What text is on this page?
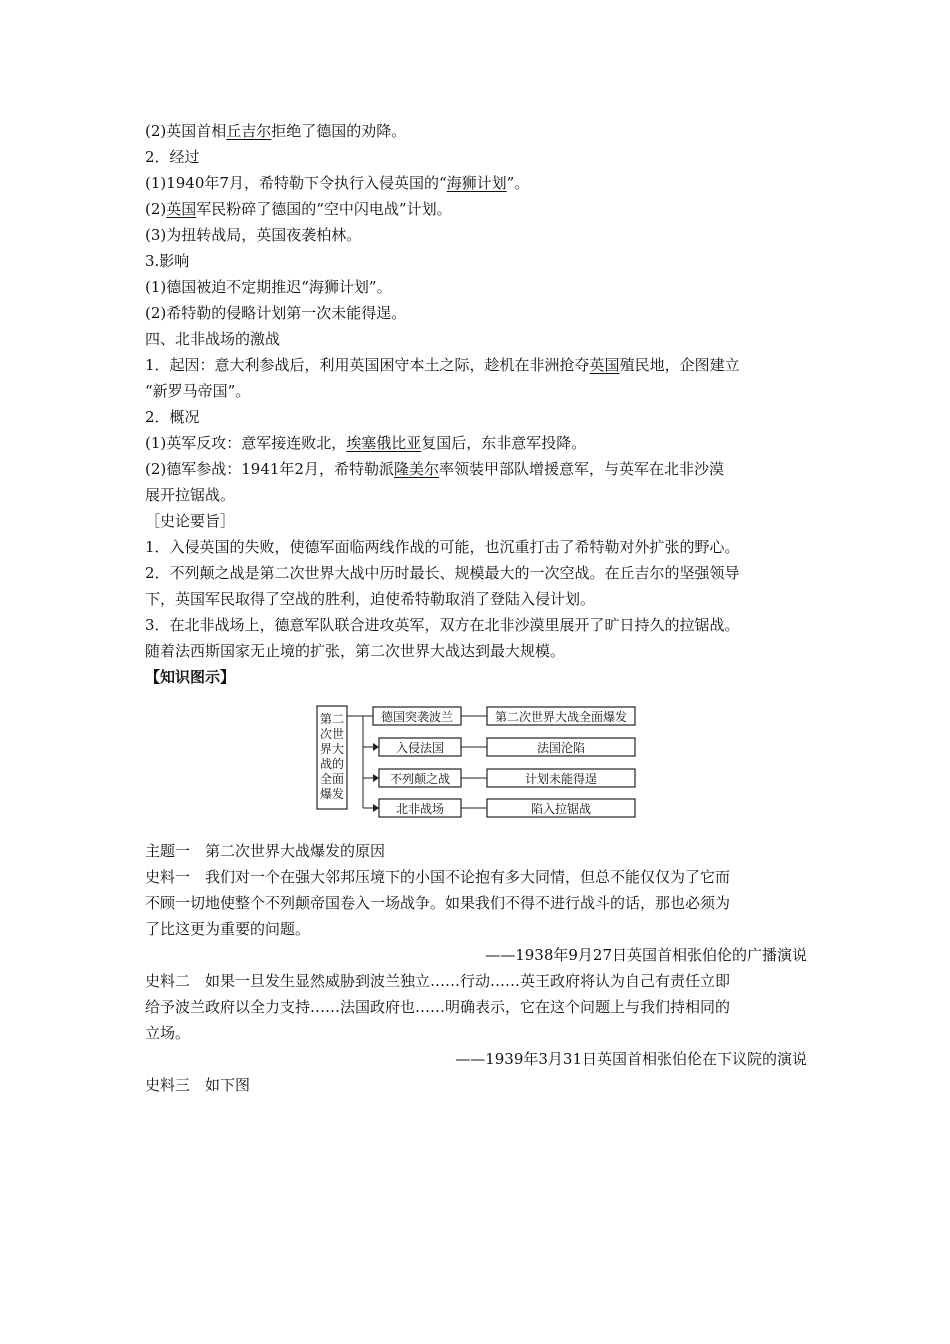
(2)英国首相丘吉尔拒绝了德国的劝降。
2．经过
(1)1940年7月，希特勒下令执行入侵英国的“海狮计划”。
(2)英国军民粉碎了德国的“空中闪电战”计划。
(3)为扭转战局，英国夜袭柏林。
3.影响
(1)德国被迫不定期推迟“海狮计划”。
(2)希特勒的侵略计划第一次未能得逞。
四、北非战场的激战
1．起因：意大利参战后，利用英国困守本土之际，趁机在非洲抢夺英国殖民地，企图建立
“新罗马帝国”。
2．概况
(1)英军反攻：意军接连败北，埃塞俄比亚复国后，东非意军投降。
(2)德军参战：1941年2月，希特勒派隆美尔率领装甲部队增援意军，与英军在北非沙漠
展开拉锯战。
［史论要旨］
1．入侵英国的失败，使德军面临两线作战的可能，也沉重打击了希特勒对外扩张的野心。
2．不列颠之战是第二次世界大战中历时最长、规模最大的一次空战。在丘吉尔的坚强领导
下，英国军民取得了空战的胜利，迫使希特勒取消了登陆入侵计划。
3．在北非战场上，德意军队联合进攻英军，双方在北非沙漠里展开了旷日持久的拉锯战。
随着法西斯国家无止境的扩张，第二次世界大战达到最大规模。
【知识图示】
第二
次世
界大
战的
全面
爆发
德国突袭波兰
入侵法国
不列颠之战
北非战场
第二次世界大战全面爆发
法国沦陷
计划未能得逞
陷入拉锯战
主题一　第二次世界大战爆发的原因
史料一　我们对一个在强大邻邦压境下的小国不论抱有多大同情，但总不能仅仅为了它而
不顾一切地使整个不列颠帝国卷入一场战争。如果我们不得不进行战斗的话，那也必须为
了比这更为重要的问题。
——1938年9月27日英国首相张伯伦的广播演说
史料二　如果一旦发生显然威胁到波兰独立……行动……英王政府将认为自己有责任立即
给予波兰政府以全力支持……法国政府也……明确表示，它在这个问题上与我们持相同的
立场。
——1939年3月31日英国首相张伯伦在下议院的演说
史料三　如下图
